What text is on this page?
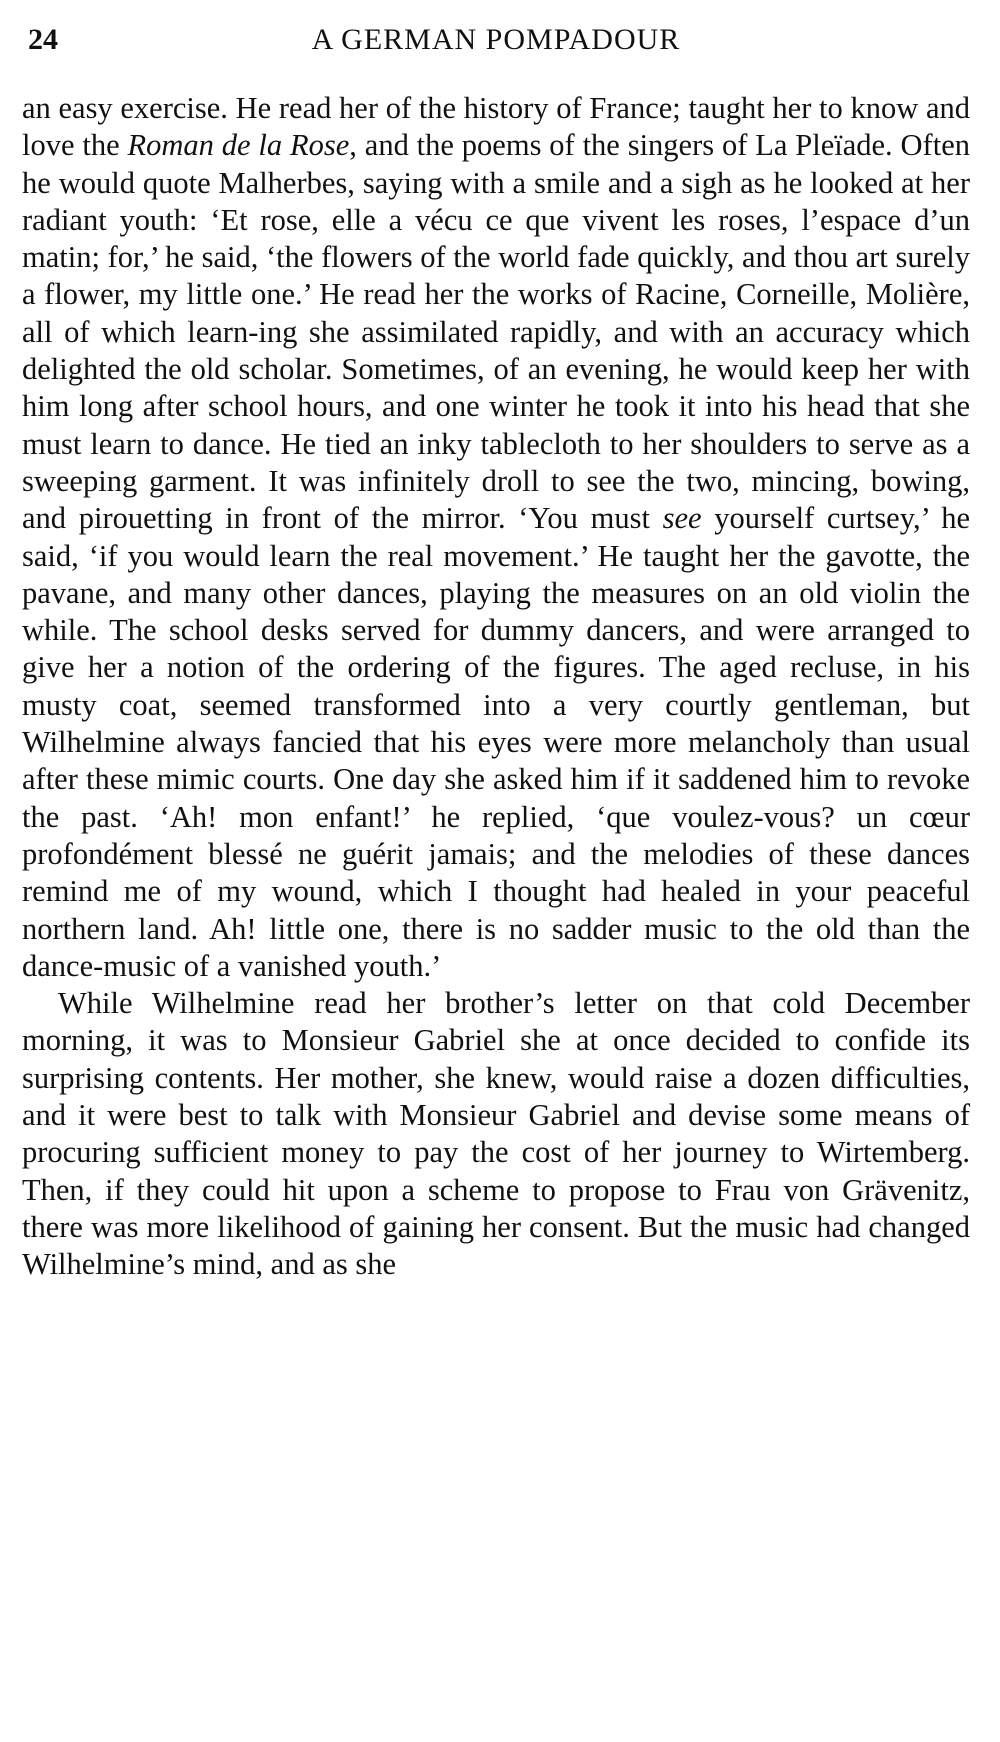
24	A GERMAN POMPADOUR

an easy exercise. He read her of the history of France; taught her to know and love the Roman de la Rose, and the poems of the singers of La Pleïade. Often he would quote Malherbes, saying with a smile and a sigh as he looked at her radiant youth: ‘Et rose, elle a vécu ce que vivent les roses, l’espace d’un matin; for,’ he said, ‘the flowers of the world fade quickly, and thou art surely a flower, my little one.’ He read her the works of Racine, Corneille, Molière, all of which learn-ing she assimilated rapidly, and with an accuracy which delighted the old scholar. Sometimes, of an evening, he would keep her with him long after school hours, and one winter he took it into his head that she must learn to dance. He tied an inky tablecloth to her shoulders to serve as a sweeping garment. It was infinitely droll to see the two, mincing, bowing, and pirouetting in front of the mirror. ‘You must see yourself curtsey,’ he said, ‘if you would learn the real movement.’ He taught her the gavotte, the pavane, and many other dances, playing the measures on an old violin the while. The school desks served for dummy dancers, and were arranged to give her a notion of the ordering of the figures. The aged recluse, in his musty coat, seemed transformed into a very courtly gentleman, but Wilhelmine always fancied that his eyes were more melancholy than usual after these mimic courts. One day she asked him if it saddened him to revoke the past. ‘Ah! mon enfant!’ he replied, ‘que voulez-vous? un cœur profondément blessé ne guérit jamais; and the melodies of these dances remind me of my wound, which I thought had healed in your peaceful northern land. Ah! little one, there is no sadder music to the old than the dance-music of a vanished youth.’

While Wilhelmine read her brother’s letter on that cold December morning, it was to Monsieur Gabriel she at once decided to confide its surprising contents. Her mother, she knew, would raise a dozen difficulties, and it were best to talk with Monsieur Gabriel and devise some means of procuring sufficient money to pay the cost of her journey to Wirtemberg. Then, if they could hit upon a scheme to propose to Frau von Grävenitz, there was more likelihood of gaining her consent. But the music had changed Wilhelmine’s mind, and as she
